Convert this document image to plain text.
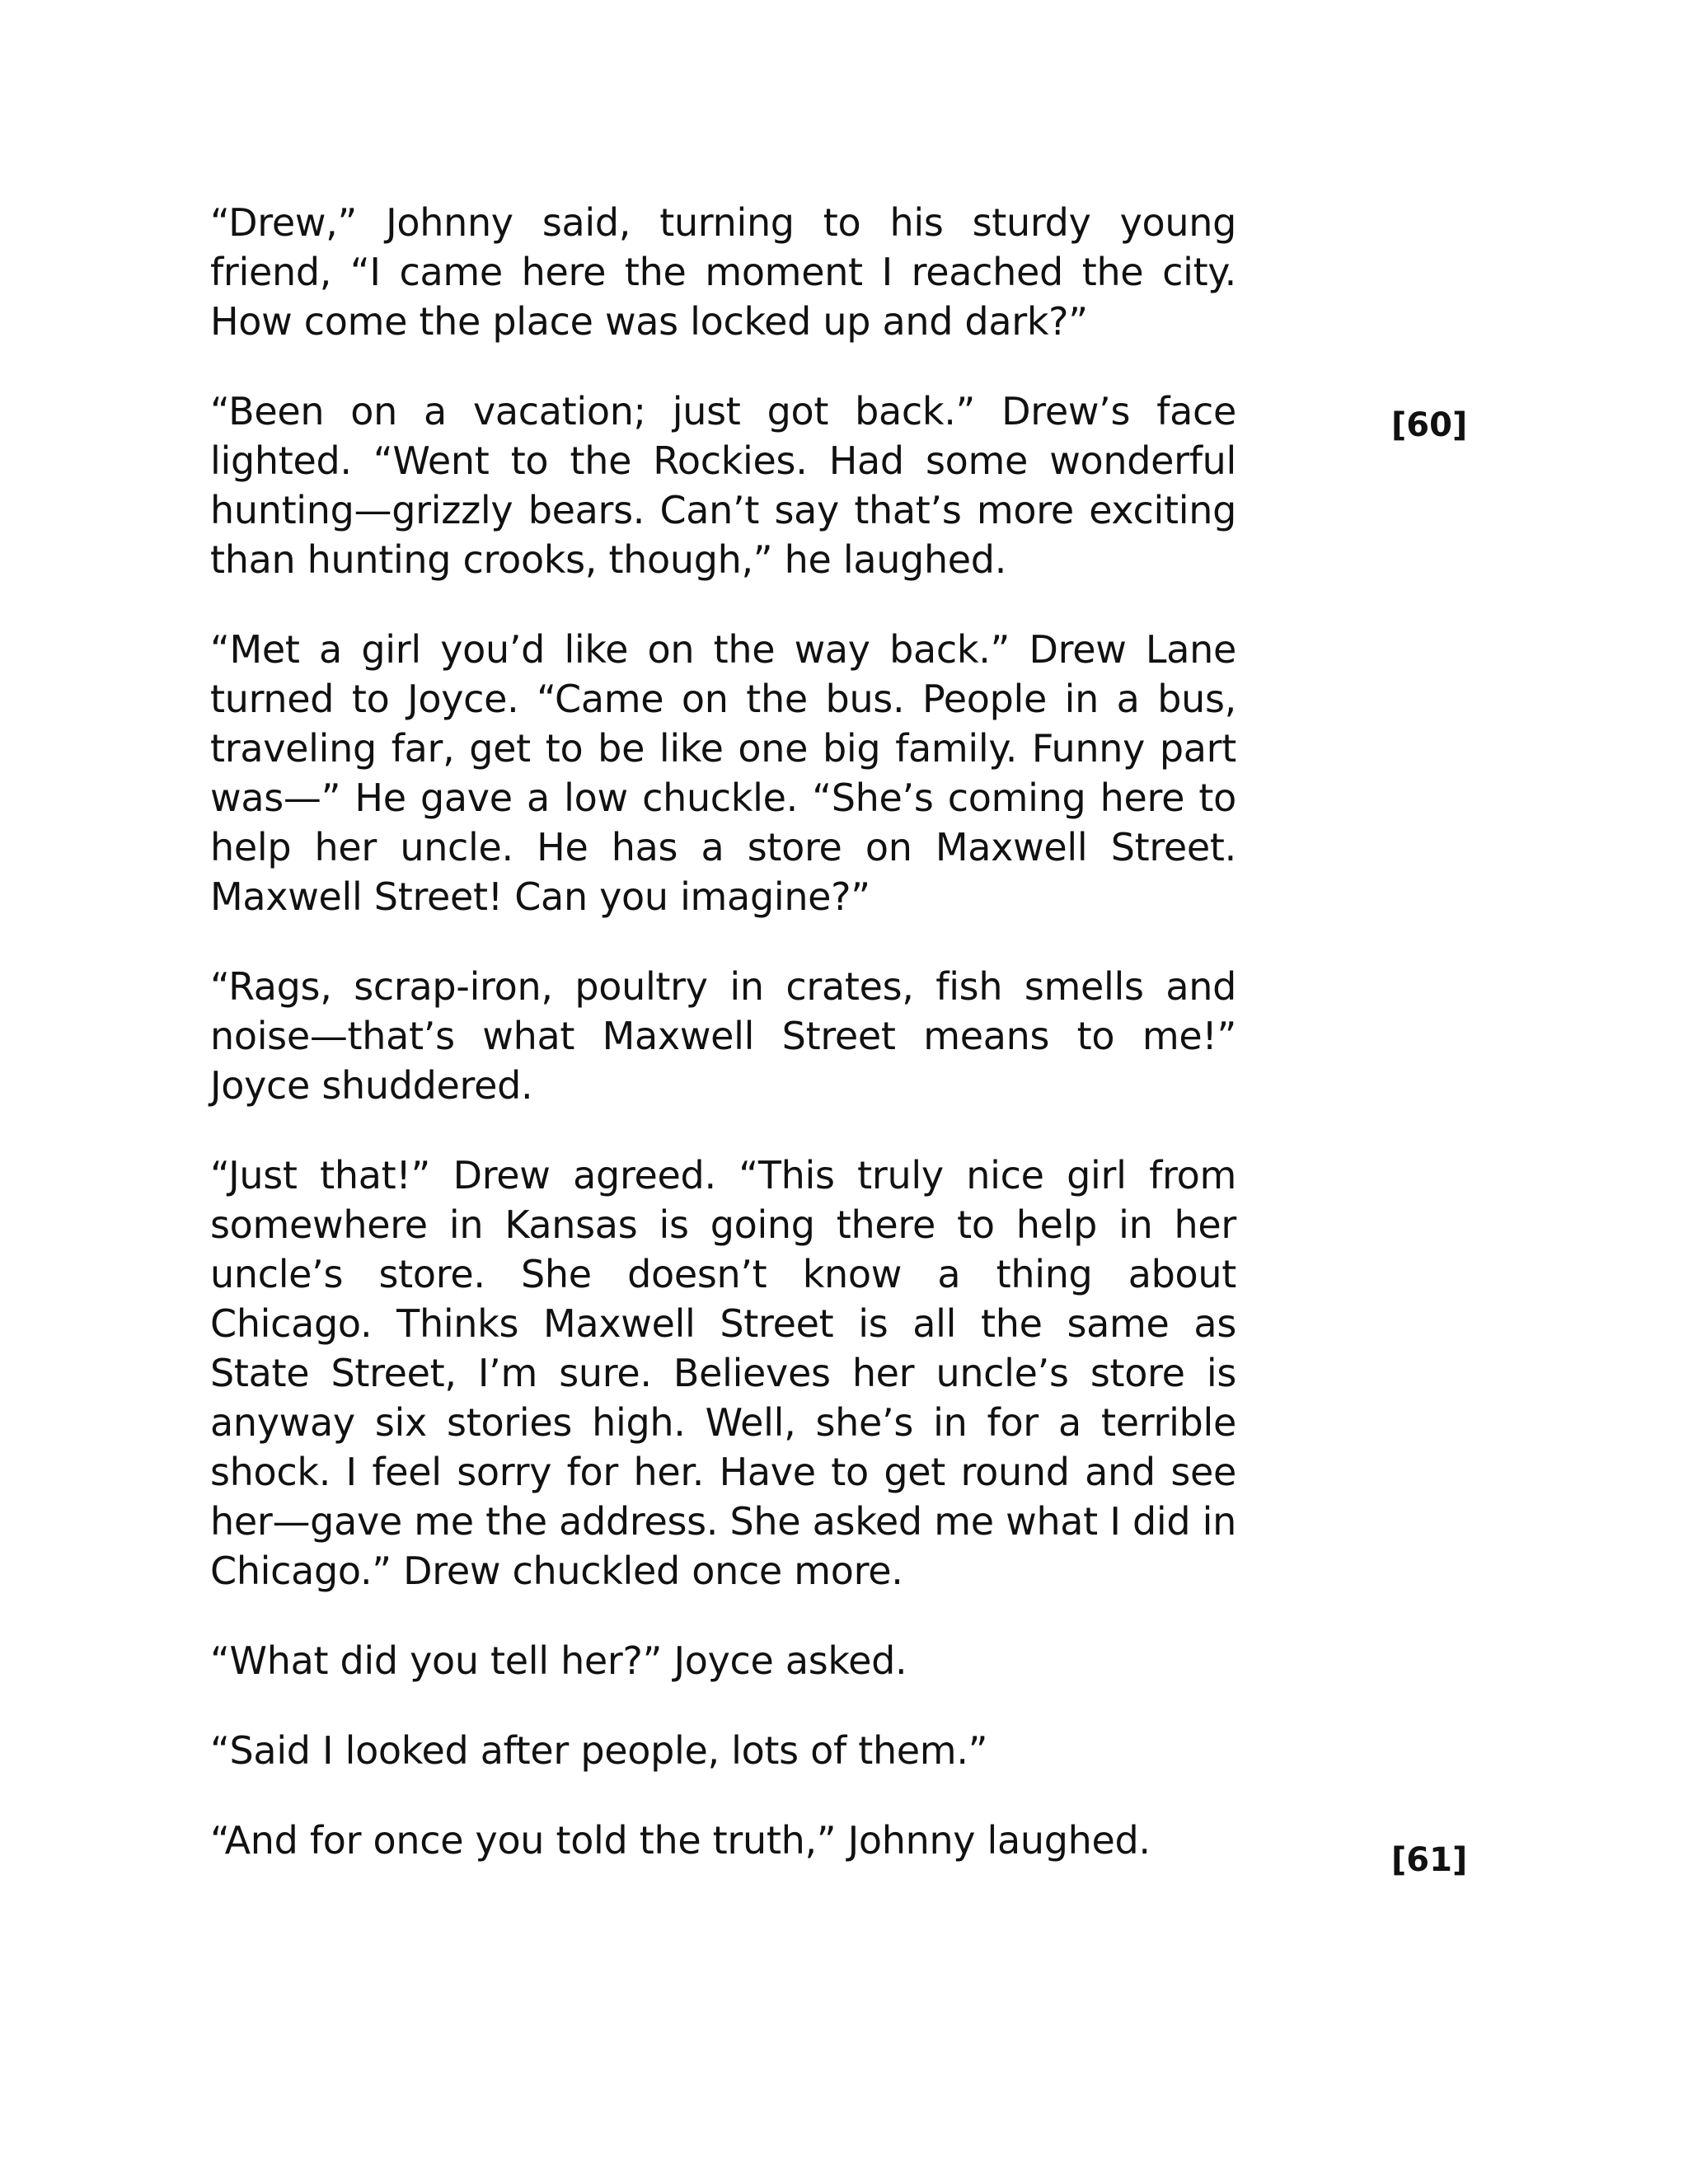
“Drew,” Johnny said, turning to his sturdy young friend, “I came here the moment I reached the city. How come the place was locked up and dark?”

“Been on a vacation; just got back.” Drew’s face lighted. “Went to the Rockies. Had some wonderful hunting—grizzly bears. Can’t say that’s more exciting than hunting crooks, though,” he laughed.

“Met a girl you’d like on the way back.” Drew Lane turned to Joyce. “Came on the bus. People in a bus, traveling far, get to be like one big family. Funny part was—” He gave a low chuckle. “She’s coming here to help her uncle. He has a store on Maxwell Street. Maxwell Street! Can you imagine?”

“Rags, scrap-iron, poultry in crates, fish smells and noise—that’s what Maxwell Street means to me!” Joyce shuddered.

“Just that!” Drew agreed. “This truly nice girl from somewhere in Kansas is going there to help in her uncle’s store. She doesn’t know a thing about Chicago. Thinks Maxwell Street is all the same as State Street, I’m sure. Believes her uncle’s store is anyway six stories high. Well, she’s in for a terrible shock. I feel sorry for her. Have to get round and see her—gave me the address. She asked me what I did in Chicago.” Drew chuckled once more.

“What did you tell her?” Joyce asked.

“Said I looked after people, lots of them.”

“And for once you told the truth,” Johnny laughed.

[60]
[61]
